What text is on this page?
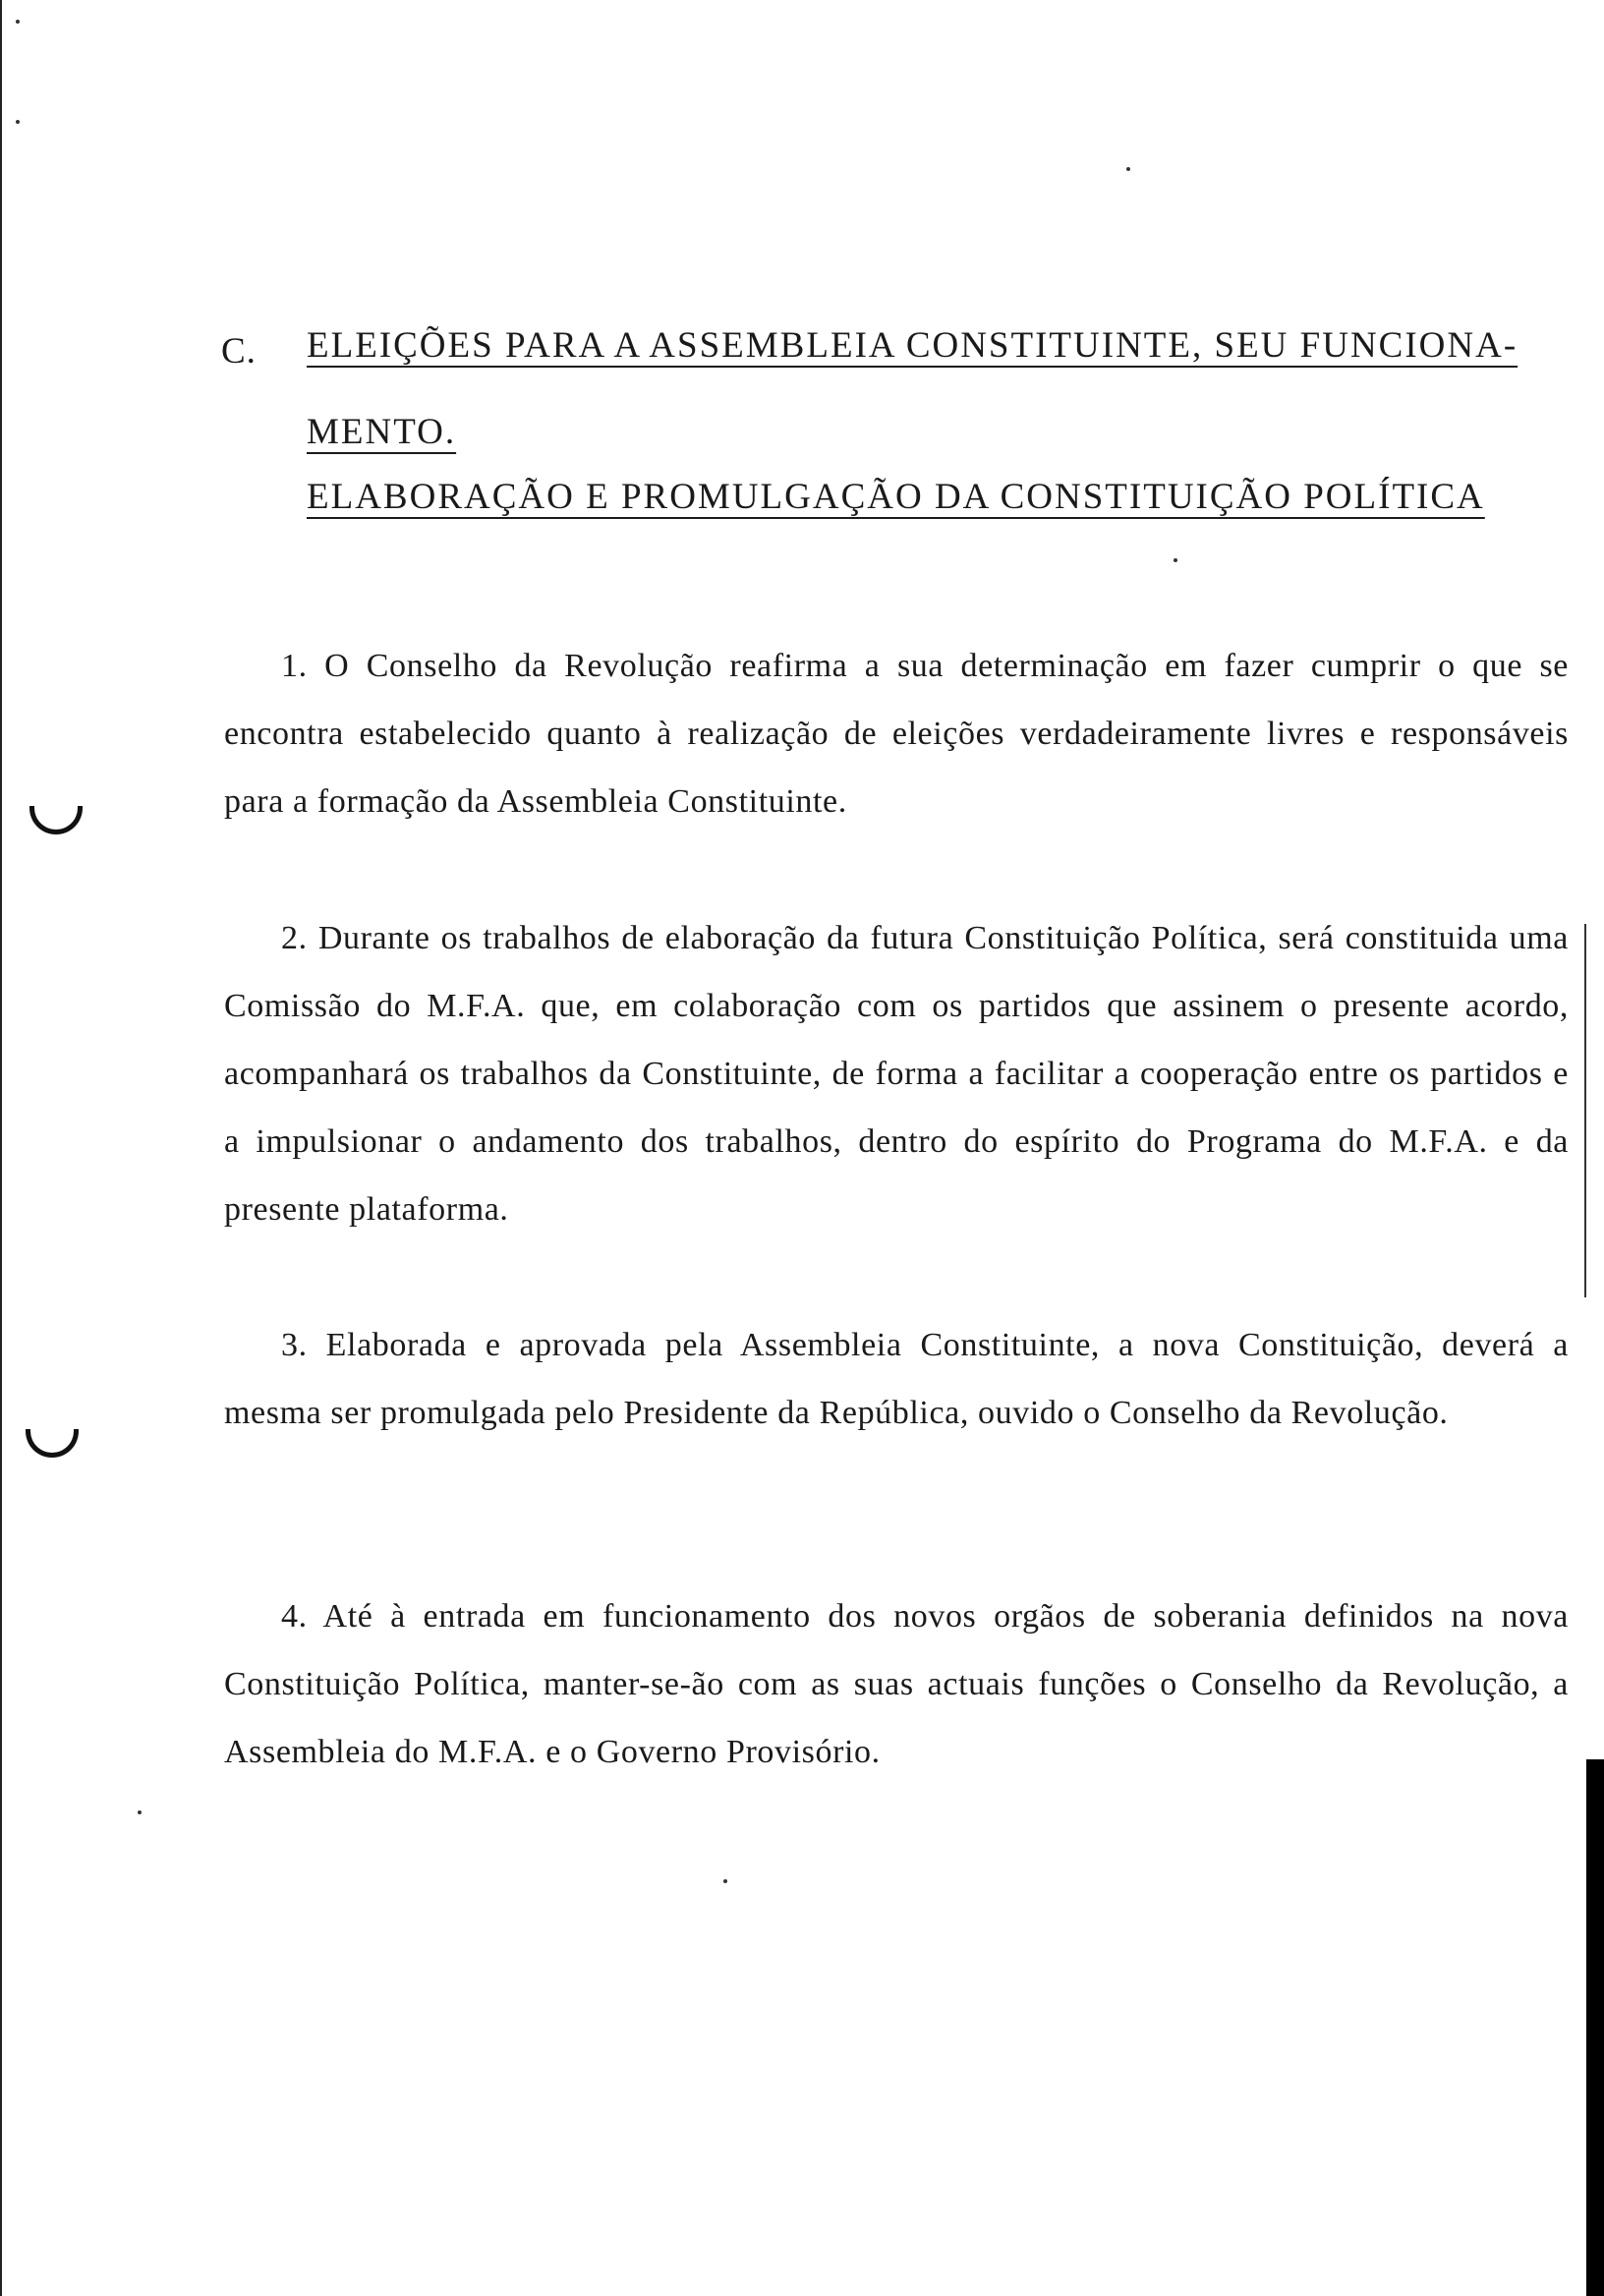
C. ELEIÇÕES PARA A ASSEMBLEIA CONSTITUINTE, SEU FUNCIONA-
MENTO.
ELABORAÇÃO E PROMULGAÇÃO DA CONSTITUIÇÃO POLÍTICA
1. O Conselho da Revolução reafirma a sua determinação em fazer cumprir o que se encontra estabelecido quanto à realização de eleições verdadeiramente livres e responsáveis para a formação da Assembleia Constituinte.
2. Durante os trabalhos de elaboração da futura Constituição Política, será constituida uma Comissão do M.F.A. que, em colaboração com os partidos que assinem o presente acordo, acompanhará os trabalhos da Constituinte, de forma a facilitar a cooperação entre os partidos e a impulsionar o andamento dos trabalhos, dentro do espírito do Programa do M.F.A. e da presente plataforma.
3. Elaborada e aprovada pela Assembleia Constituinte, a nova Constituição, deverá a mesma ser promulgada pelo Presidente da República, ouvido o Conselho da Revolução.
4. Até à entrada em funcionamento dos novos orgãos de soberania definidos na nova Constituição Política, manter-se-ão com as suas actuais funções o Conselho da Revolução, a Assembleia do M.F.A. e o Governo Provisório.
